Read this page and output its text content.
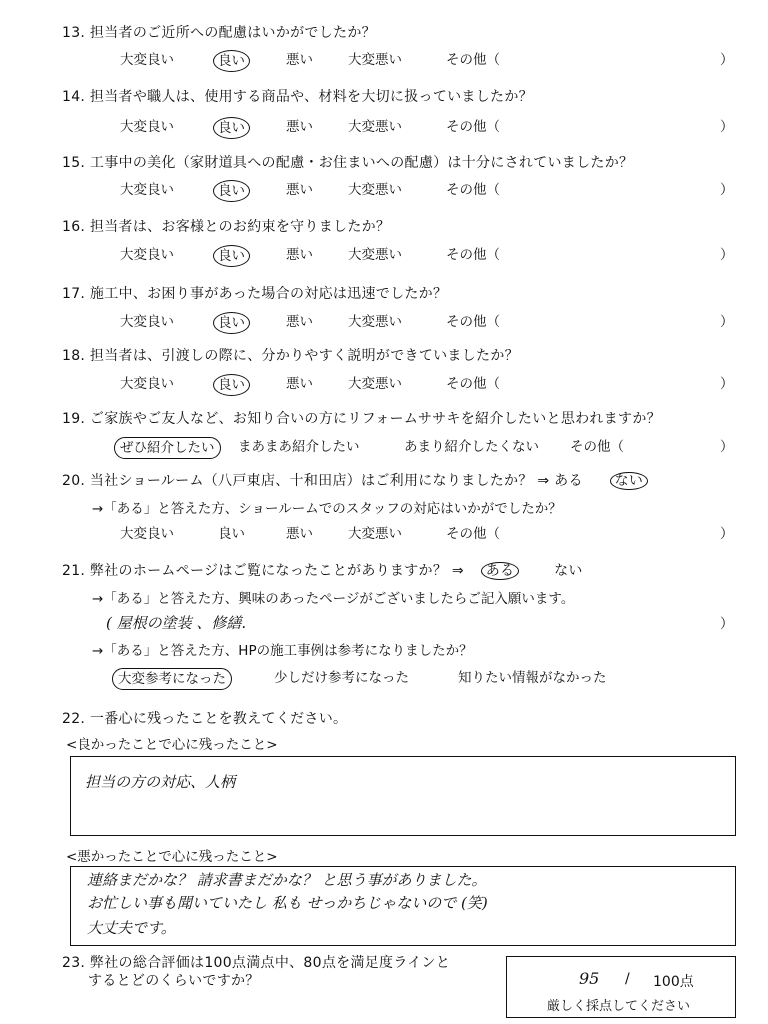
13. 担当者のご近所への配慮はいかがでしたか？
大変良い	良い	悪い	大変悪い	その他（	）
14. 担当者や職人は、使用する商品や、材料を大切に扱っていましたか？
大変良い	良い	悪い	大変悪い	その他（	）
15. 工事中の美化（家財道具への配慮・お住まいへの配慮）は十分にされていましたか？
大変良い	良い	悪い	大変悪い	その他（	）
16. 担当者は、お客様とのお約束を守りましたか？
大変良い	良い	悪い	大変悪い	その他（	）
17. 施工中、お困り事があった場合の対応は迅速でしたか？
大変良い	良い	悪い	大変悪い	その他（	）
18. 担当者は、引渡しの際に、分かりやすく説明ができていましたか？
大変良い	良い	悪い	大変悪い	その他（	）
19. ご家族やご友人など、お知り合いの方にリフォームササキを紹介したいと思われますか？
ぜひ紹介したい	まあまあ紹介したい	あまり紹介したくない その他（	）
20. 当社ショールーム（八戸東店、十和田店）はご利用になりましたか？ ⇒ ある ない
→「ある」と答えた方、ショールームでのスタッフの対応はいかがでしたか？
大変良い	良い	悪い	大変悪い	その他（	）
21. 弊社のホームページはご覧になったことがありますか？ ⇒ ある	ない
→「ある」と答えた方、興味のあったページがございましたらご記入願います。
( 屋根の塗装 、修繕.	）
→「ある」と答えた方、HPの施工事例は参考になりましたか？
大変参考になった	少しだけ参考になった	知りたい情報がなかった
22. 一番心に残ったことを教えてください。
<良かったことで心に残ったこと>
担当の方の対応、人柄
<悪かったことで心に残ったこと>
連絡まだかな？ 請求書まだかな？ と思う事がありました。
お忙しい事も聞いていたし 私も せっかちじゃないので (笑)
大丈夫です。
23. 弊社の総合評価は100点満点中、80点を満足度ラインと
するとどのくらいですか？	95 / 100点
厳しく採点してください
